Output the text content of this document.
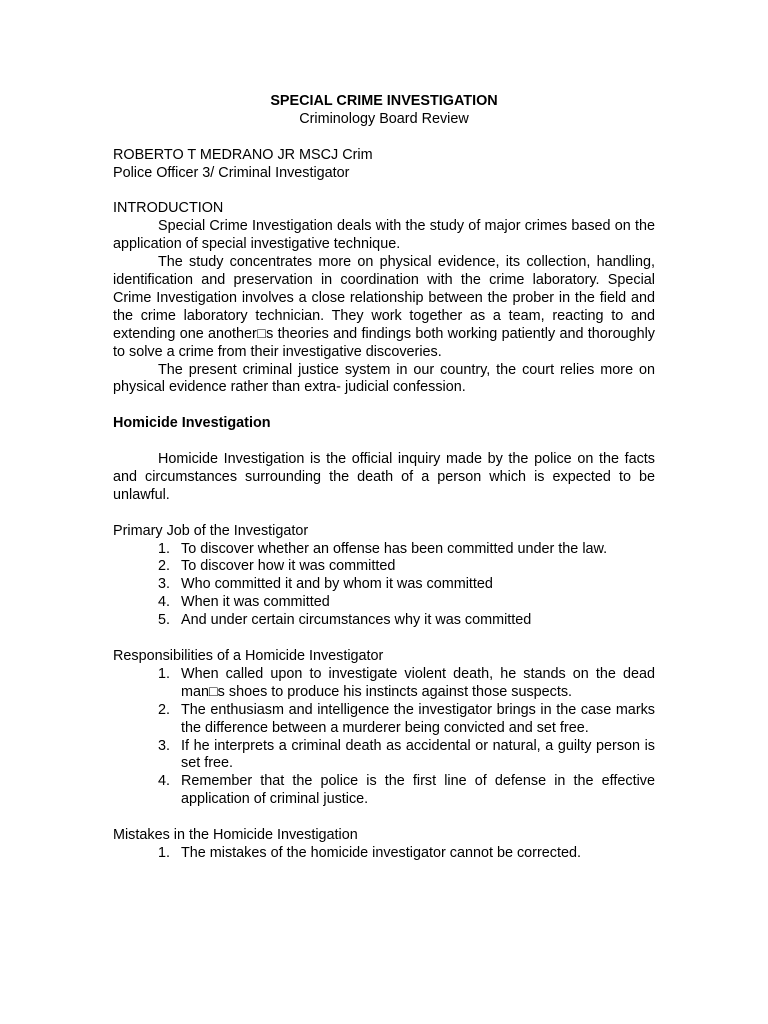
SPECIAL CRIME INVESTIGATION

Criminology Board Review

ROBERTO T MEDRANO JR MSCJ Crim

Police Officer 3/ Criminal Investigator

INTRODUCTION

Special Crime Investigation deals with the study of major crimes based on the application of special investigative technique.

The study concentrates more on physical evidence, its collection, handling, identification and preservation in coordination with the crime laboratory. Special Crime Investigation involves a close relationship between the prober in the field and the crime laboratory technician. They work together as a team, reacting to and extending one another□s theories and findings both working patiently and thoroughly to solve a crime from their investigative discoveries.

The present criminal justice system in our country, the court relies more on physical evidence rather than extra- judicial confession.

Homicide Investigation

Homicide Investigation is the official inquiry made by the police on the facts and circumstances surrounding the death of a person which is expected to be unlawful.

Primary Job of the Investigator

1. To discover whether an offense has been committed under the law.
2. To discover how it was committed
3. Who committed it and by whom it was committed
4. When it was committed
5. And under certain circumstances why it was committed

Responsibilities of a Homicide Investigator

1. When called upon to investigate violent death, he stands on the dead man□s shoes to produce his instincts against those suspects.
2. The enthusiasm and intelligence the investigator brings in the case marks the difference between a murderer being convicted and set free.
3. If he interprets a criminal death as accidental or natural, a guilty person is set free.
4. Remember that the police is the first line of defense in the effective application of criminal justice.

Mistakes in the Homicide Investigation

1. The mistakes of the homicide investigator cannot be corrected.
